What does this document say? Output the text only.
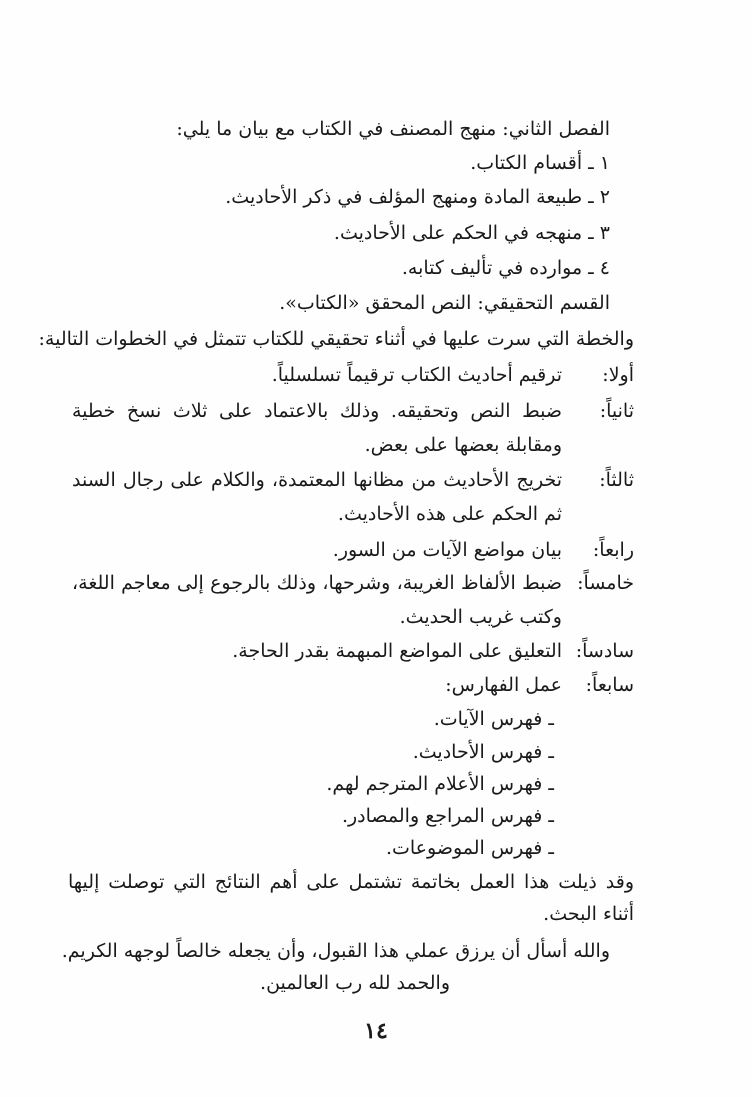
الفصل الثاني: منهج المصنف في الكتاب مع بيان ما يلي:
١ ـ أقسام الكتاب.
٢ ـ طبيعة المادة ومنهج المؤلف في ذكر الأحاديث.
٣ ـ منهجه في الحكم على الأحاديث.
٤ ـ موارده في تأليف كتابه.
القسم التحقيقي: النص المحقق «الكتاب».
والخطة التي سرت عليها في أثناء تحقيقي للكتاب تتمثل في الخطوات التالية:
أولا:
ترقيم أحاديث الكتاب ترقيماً تسلسلياً.
ثانياً:
ضبط النص وتحقيقه. وذلك بالاعتماد على ثلاث نسخ خطية ومقابلة بعضها على بعض.
ثالثاً:
تخريج الأحاديث من مظانها المعتمدة، والكلام على رجال السند ثم الحكم على هذه الأحاديث.
رابعاً:
بيان مواضع الآيات من السور.
خامساً:
ضبط الألفاظ الغريبة، وشرحها، وذلك بالرجوع إلى معاجم اللغة، وكتب غريب الحديث.
سادساً:
التعليق على المواضع المبهمة بقدر الحاجة.
سابعاً:
عمل الفهارس:
ـ فهرس الآيات.
ـ فهرس الأحاديث.
ـ فهرس الأعلام المترجم لهم.
ـ فهرس المراجع والمصادر.
ـ فهرس الموضوعات.
وقد ذيلت هذا العمل بخاتمة تشتمل على أهم النتائج التي توصلت إليها أثناء البحث.
والله أسأل أن يرزق عملي هذا القبول، وأن يجعله خالصاً لوجهه الكريم.
والحمد لله رب العالمين.
١٤
